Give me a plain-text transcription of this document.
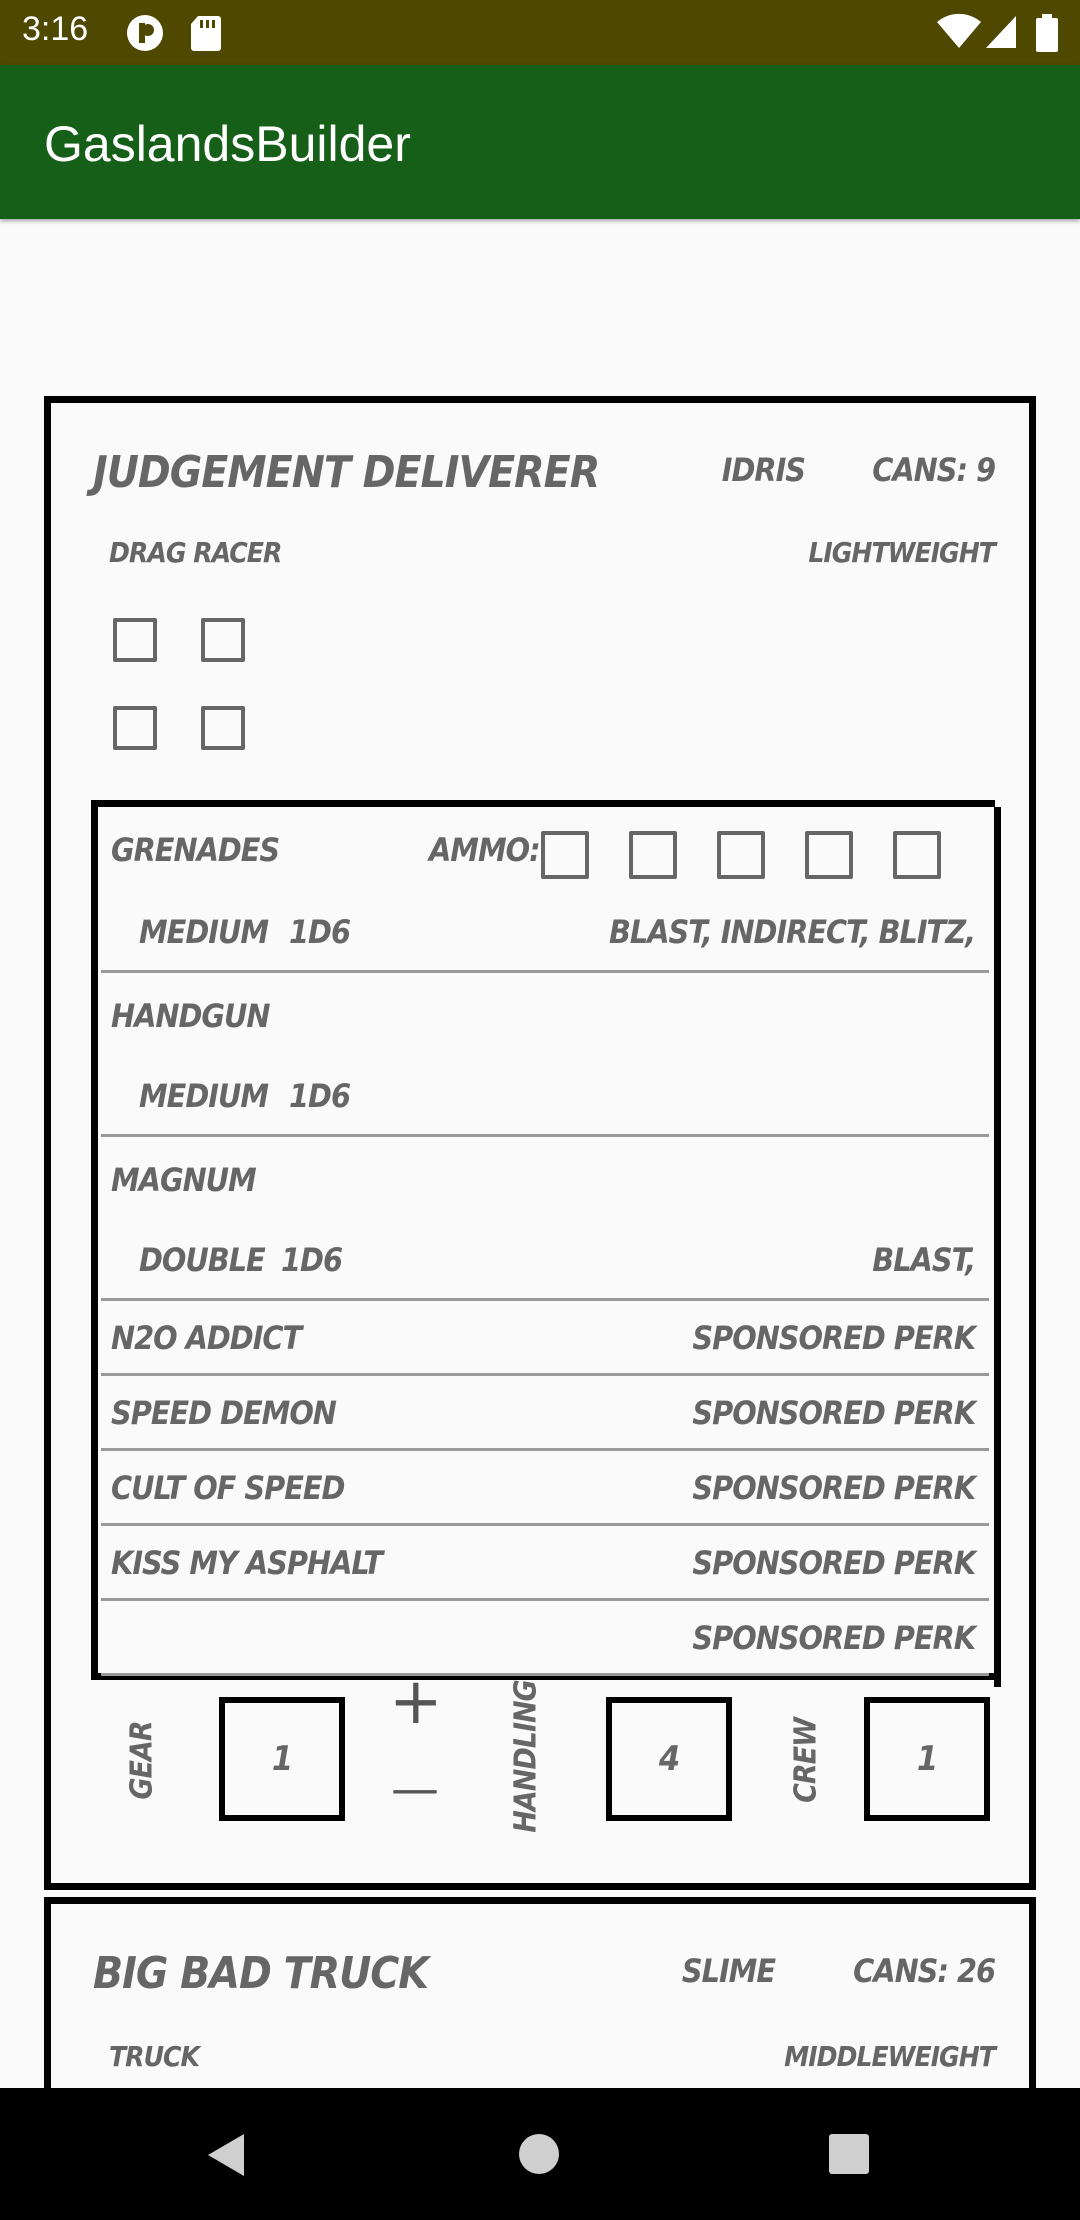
3:16
GaslandsBuilder
JUDGEMENT DELIVERER	IDRIS CANS: 9
DRAG RACER	LIGHTWEIGHT
GRENADES	AMMO:
MEDIUM 1D6	BLAST, INDIRECT, BLITZ,
HANDGUN
MEDIUM 1D6
MAGNUM
DOUBLE 1D6	BLAST,
N2O ADDICT	SPONSORED PERK
SPEED DEMON	SPONSORED PERK
CULT OF SPEED	SPONSORED PERK
KISS MY ASPHALT	SPONSORED PERK
SPONSORED PERK
GEAR	1
+
— HANDLING	4	CREW	1
BIG BAD TRUCK	SLIME CANS: 26
TRUCK	MIDDLEWEIGHT
